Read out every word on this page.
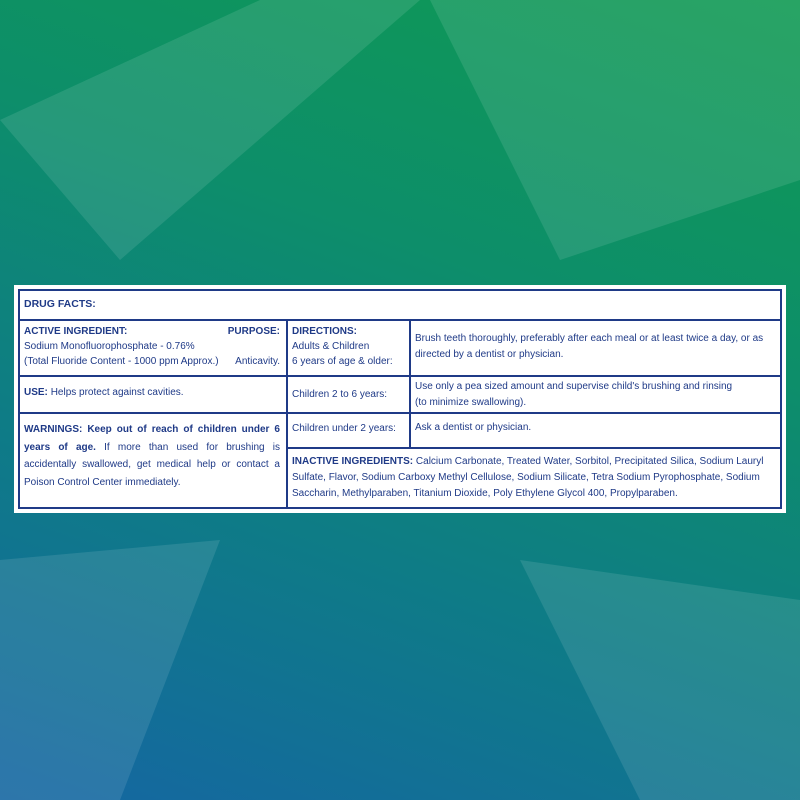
DRUG FACTS:
ACTIVE INGREDIENT:	PURPOSE:
Sodium Monofluorophosphate - 0.76%
(Total Fluoride Content - 1000 ppm Approx.) Anticavity.
USE: Helps protect against cavities.
WARNINGS: Keep out of reach of children under 6 years of age. If more than used for brushing is accidentally swallowed, get medical help or contact a Poison Control Center immediately.
DIRECTIONS:
Adults & Children
6 years of age & older:
Brush teeth thoroughly, preferably after each meal or at least twice a day, or as directed by a dentist or physician.
Children 2 to 6 years:
Use only a pea sized amount and supervise child's brushing and rinsing
(to minimize swallowing).
Children under 2 years:	Ask a dentist or physician.
INACTIVE INGREDIENTS: Calcium Carbonate, Treated Water, Sorbitol, Precipitated Silica, Sodium Lauryl Sulfate, Flavor, Sodium Carboxy Methyl Cellulose, Sodium Silicate, Tetra Sodium Pyrophosphate, Sodium Saccharin, Methylparaben, Titanium Dioxide, Poly Ethylene Glycol 400, Propylparaben.
